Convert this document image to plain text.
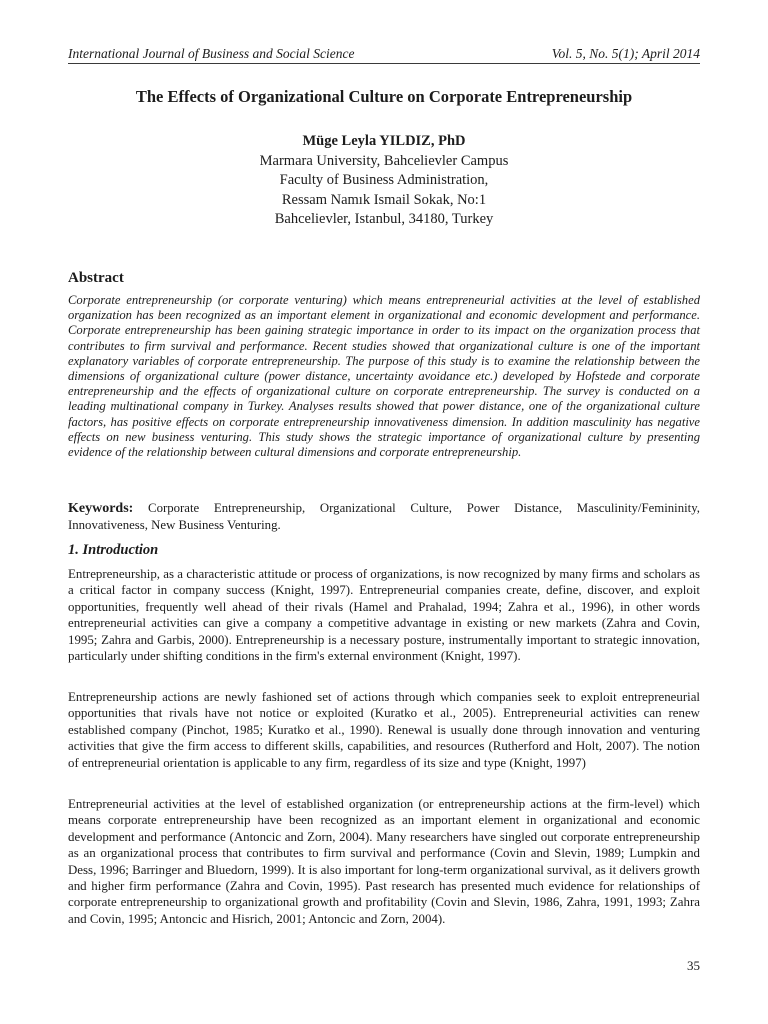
International Journal of Business and Social Science	Vol. 5, No. 5(1); April 2014
The Effects of Organizational Culture on Corporate Entrepreneurship
Müge Leyla YILDIZ, PhD
Marmara University, Bahcelievler Campus
Faculty of Business Administration,
Ressam Namık Ismail Sokak, No:1
Bahcelievler, Istanbul, 34180, Turkey
Abstract

Corporate entrepreneurship (or corporate venturing) which means entrepreneurial activities at the level of established organization has been recognized as an important element in organizational and economic development and performance. Corporate entrepreneurship has been gaining strategic importance in order to its impact on the organization process that contributes to firm survival and performance. Recent studies showed that organizational culture is one of the important explanatory variables of corporate entrepreneurship. The purpose of this study is to examine the relationship between the dimensions of organizational culture (power distance, uncertainty avoidance etc.) developed by Hofstede and corporate entrepreneurship and the effects of organizational culture on corporate entrepreneurship. The survey is conducted on a leading multinational company in Turkey. Analyses results showed that power distance, one of the organizational culture factors, has positive effects on corporate entrepreneurship innovativeness dimension. In addition masculinity has negative effects on new business venturing. This study shows the strategic importance of organizational culture by presenting evidence of the relationship between cultural dimensions and corporate entrepreneurship.

Keywords: Corporate Entrepreneurship, Organizational Culture, Power Distance, Masculinity/Femininity, Innovativeness, New Business Venturing.

1. Introduction

Entrepreneurship, as a characteristic attitude or process of organizations, is now recognized by many firms and scholars as a critical factor in company success (Knight, 1997). Entrepreneurial companies create, define, discover, and exploit opportunities, frequently well ahead of their rivals (Hamel and Prahalad, 1994; Zahra et al., 1996), in other words entrepreneurial activities can give a company a competitive advantage in existing or new markets (Zahra and Covin, 1995; Zahra and Garbis, 2000). Entrepreneurship is a necessary posture, instrumentally important to strategic innovation, particularly under shifting conditions in the firm's external environment (Knight, 1997).

Entrepreneurship actions are newly fashioned set of actions through which companies seek to exploit entrepreneurial opportunities that rivals have not notice or exploited (Kuratko et al., 2005). Entrepreneurial activities can renew established company (Pinchot, 1985; Kuratko et al., 1990). Renewal is usually done through innovation and venturing activities that give the firm access to different skills, capabilities, and resources (Rutherford and Holt, 2007). The notion of entrepreneurial orientation is applicable to any firm, regardless of its size and type (Knight, 1997)

Entrepreneurial activities at the level of established organization (or entrepreneurship actions at the firm-level) which means corporate entrepreneurship have been recognized as an important element in organizational and economic development and performance (Antoncic and Zorn, 2004). Many researchers have singled out corporate entrepreneurship as an organizational process that contributes to firm survival and performance (Covin and Slevin, 1989; Lumpkin and Dess, 1996; Barringer and Bluedorn, 1999). It is also important for long-term organizational survival, as it delivers growth and higher firm performance (Zahra and Covin, 1995). Past research has presented much evidence for relationships of corporate entrepreneurship to organizational growth and profitability (Covin and Slevin, 1986, Zahra, 1991, 1993; Zahra and Covin, 1995; Antoncic and Hisrich, 2001; Antoncic and Zorn, 2004).

35
